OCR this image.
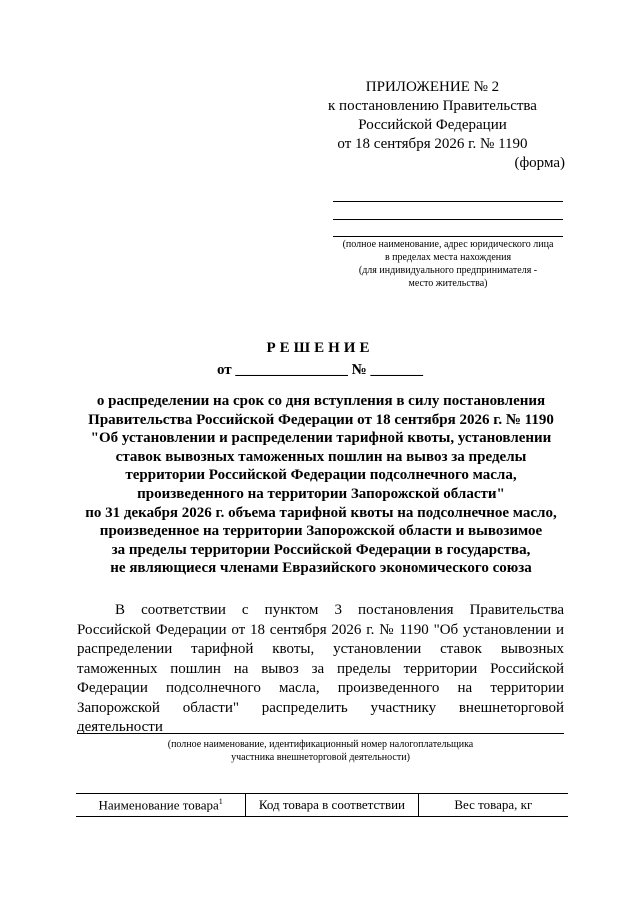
ПРИЛОЖЕНИЕ № 2
к постановлению Правительства
Российской Федерации
от 18 сентября 2026 г. № 1190
(форма)
(полное наименование, адрес юридического лица
в пределах места нахождения
(для индивидуального предпринимателя -
место жительства)
РЕШЕНИЕ
от _______________ № _______
о распределении на срок со дня вступления в силу постановления
Правительства Российской Федерации от 18 сентября 2026 г. № 1190
"Об установлении и распределении тарифной квоты, установлении
ставок вывозных таможенных пошлин на вывоз за пределы
территории Российской Федерации подсолнечного масла,
произведенного на территории Запорожской области"
по 31 декабря 2026 г. объема тарифной квоты на подсолнечное масло,
произведенное на территории Запорожской области и вывозимое
за пределы территории Российской Федерации в государства,
не являющиеся членами Евразийского экономического союза

В соответствии с пунктом 3 постановления Правительства Российской Федерации от 18 сентября 2026 г. № 1190 "Об установлении и распределении тарифной квоты, установлении ставок вывозных таможенных пошлин на вывоз за пределы территории Российской Федерации подсолнечного масла, произведенного на территории Запорожской области" распределить участнику внешнеторговой деятельности

(полное наименование, идентификационный номер налогоплательщика
участника внешнеторговой деятельности)
Наименование товара$^1$	Код товара в соответствии	Вес товара, кг
